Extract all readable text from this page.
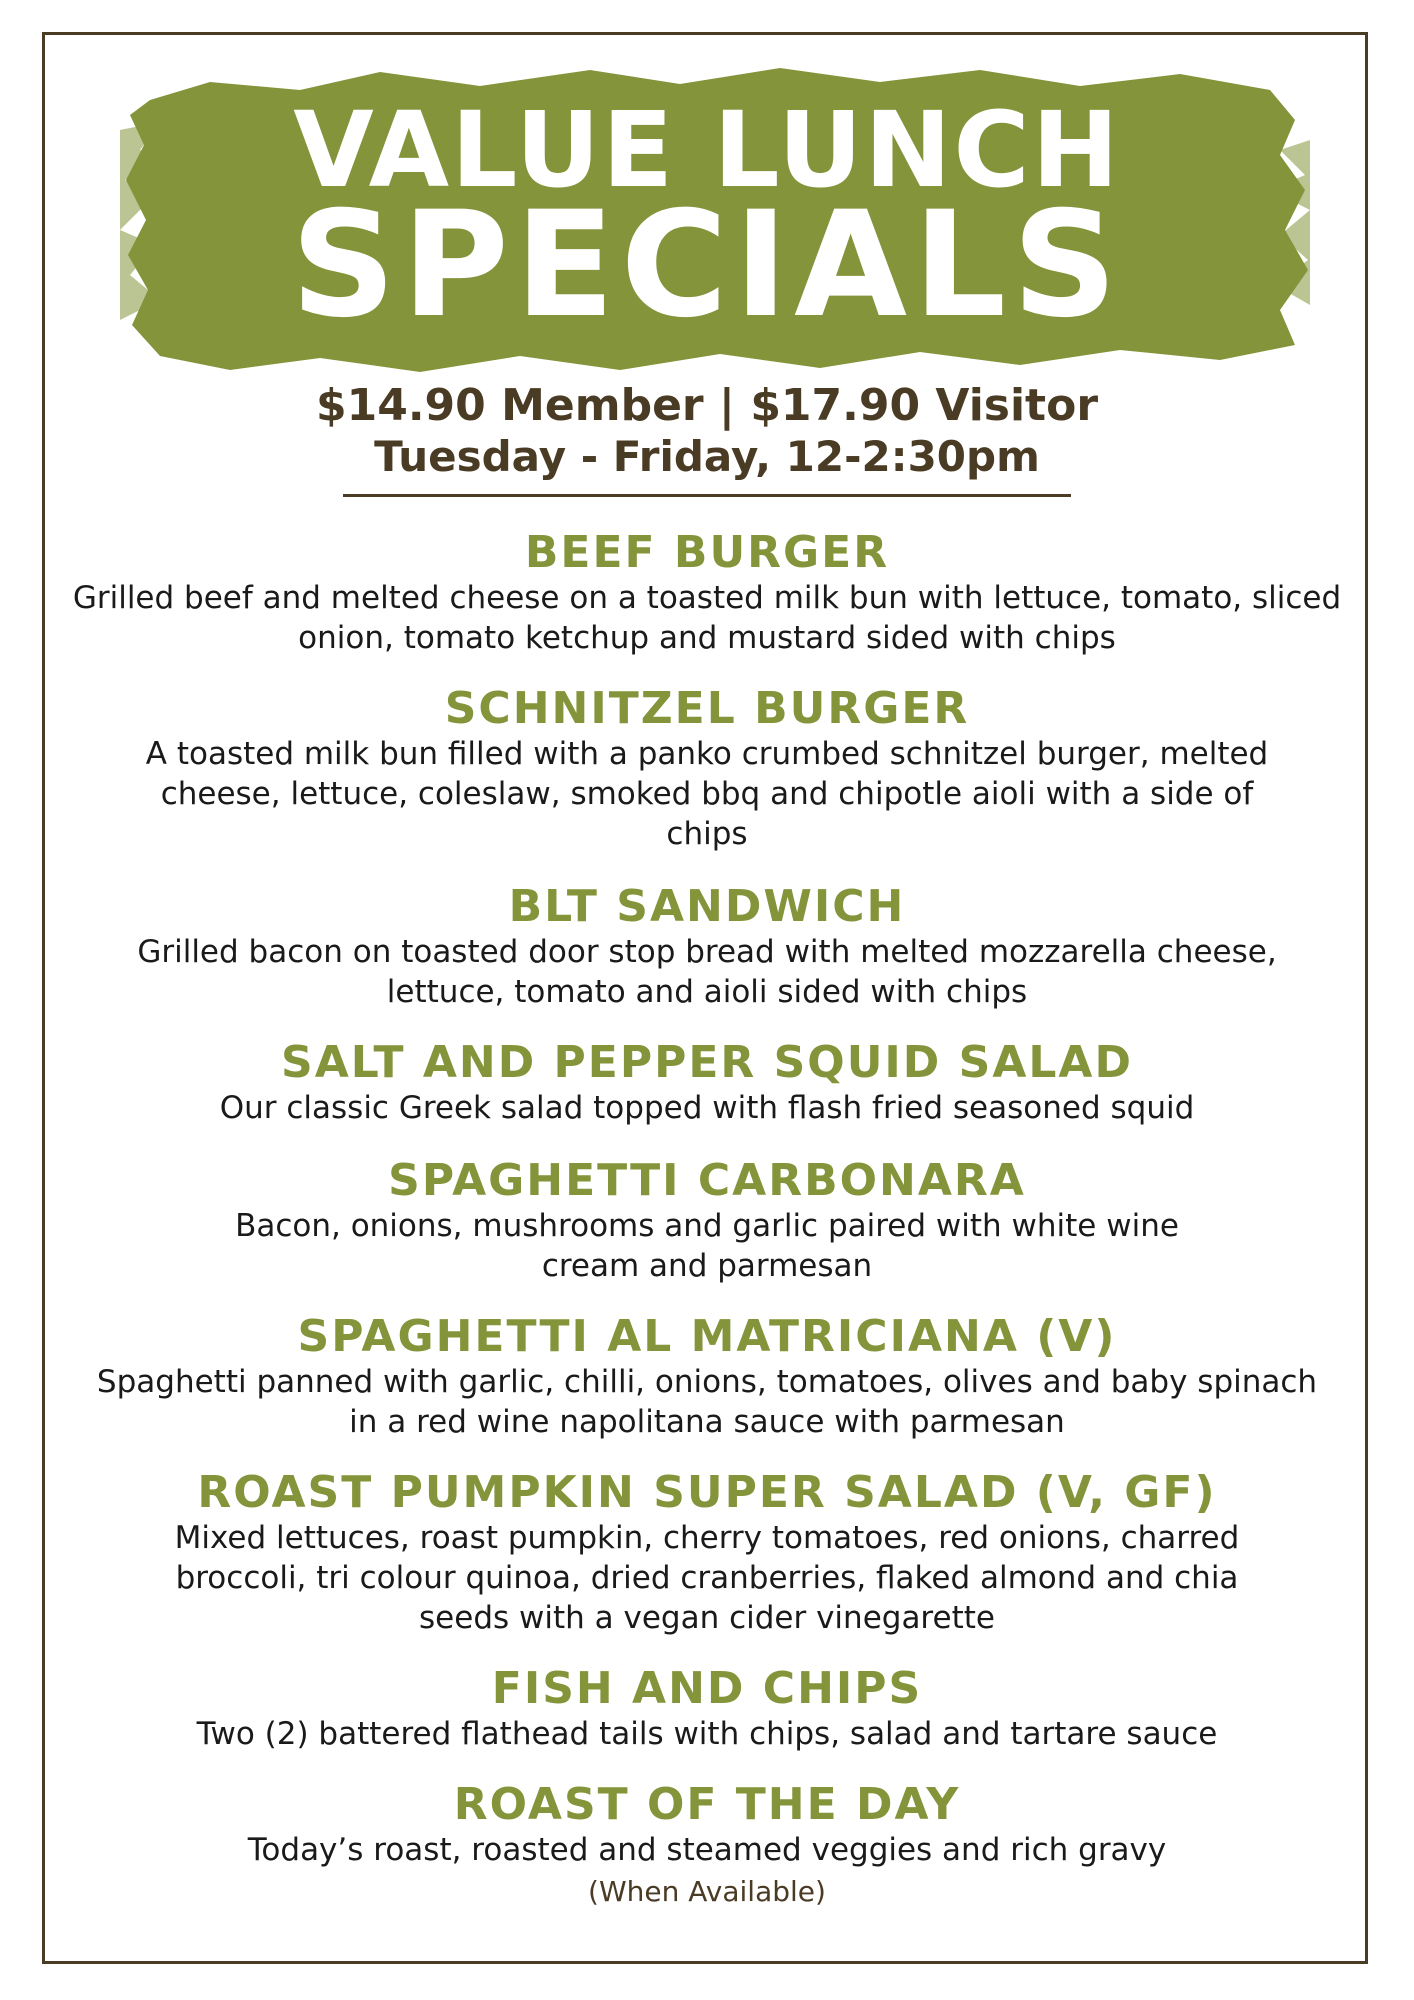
VALUE LUNCH
SPECIALS
$14.90 Member | $17.90 Visitor
Tuesday - Friday, 12-2:30pm
BEEF BURGER
Grilled beef and melted cheese on a toasted milk bun with lettuce, tomato, sliced onion, tomato ketchup and mustard sided with chips
SCHNITZEL BURGER
A toasted milk bun filled with a panko crumbed schnitzel burger, melted cheese, lettuce, coleslaw, smoked bbq and chipotle aioli with a side of chips
BLT SANDWICH
Grilled bacon on toasted door stop bread with melted mozzarella cheese, lettuce, tomato and aioli sided with chips
SALT AND PEPPER SQUID SALAD
Our classic Greek salad topped with flash fried seasoned squid
SPAGHETTI CARBONARA
Bacon, onions, mushrooms and garlic paired with white wine cream and parmesan
SPAGHETTI AL MATRICIANA (V)
Spaghetti panned with garlic, chilli, onions, tomatoes, olives and baby spinach in a red wine napolitana sauce with parmesan
ROAST PUMPKIN SUPER SALAD (V, GF)
Mixed lettuces, roast pumpkin, cherry tomatoes, red onions, charred broccoli, tri colour quinoa, dried cranberries, flaked almond and chia seeds with a vegan cider vinegarette
FISH AND CHIPS
Two (2) battered flathead tails with chips, salad and tartare sauce
ROAST OF THE DAY
Today’s roast, roasted and steamed veggies and rich gravy
(When Available)
